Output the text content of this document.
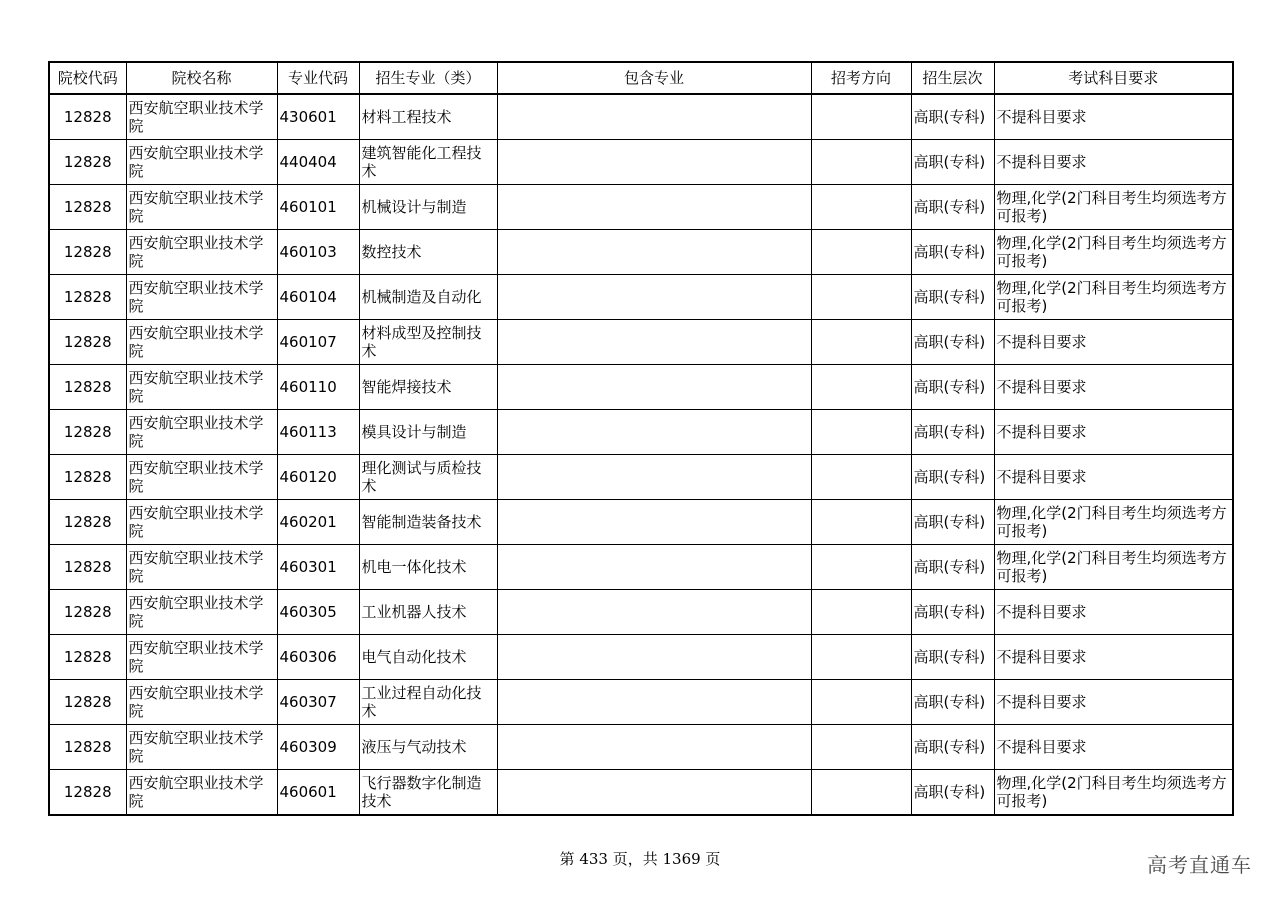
院校代码	院校名称	专业代码	招生专业（类）	包含专业	招考方向	招生层次	考试科目要求
12828	西安航空职业技术学院	430601	材料工程技术			高职(专科)	不提科目要求
12828	西安航空职业技术学院	440404	建筑智能化工程技术			高职(专科)	不提科目要求
12828	西安航空职业技术学院	460101	机械设计与制造			高职(专科)	物理,化学(2门科目考生均须选考方可报考)
12828	西安航空职业技术学院	460103	数控技术			高职(专科)	物理,化学(2门科目考生均须选考方可报考)
12828	西安航空职业技术学院	460104	机械制造及自动化			高职(专科)	物理,化学(2门科目考生均须选考方可报考)
12828	西安航空职业技术学院	460107	材料成型及控制技术			高职(专科)	不提科目要求
12828	西安航空职业技术学院	460110	智能焊接技术			高职(专科)	不提科目要求
12828	西安航空职业技术学院	460113	模具设计与制造			高职(专科)	不提科目要求
12828	西安航空职业技术学院	460120	理化测试与质检技术			高职(专科)	不提科目要求
12828	西安航空职业技术学院	460201	智能制造装备技术			高职(专科)	物理,化学(2门科目考生均须选考方可报考)
12828	西安航空职业技术学院	460301	机电一体化技术			高职(专科)	物理,化学(2门科目考生均须选考方可报考)
12828	西安航空职业技术学院	460305	工业机器人技术			高职(专科)	不提科目要求
12828	西安航空职业技术学院	460306	电气自动化技术			高职(专科)	不提科目要求
12828	西安航空职业技术学院	460307	工业过程自动化技术			高职(专科)	不提科目要求
12828	西安航空职业技术学院	460309	液压与气动技术			高职(专科)	不提科目要求
12828	西安航空职业技术学院	460601	飞行器数字化制造技术			高职(专科)	物理,化学(2门科目考生均须选考方可报考)
第 433 页，共 1369 页	高考直通车
